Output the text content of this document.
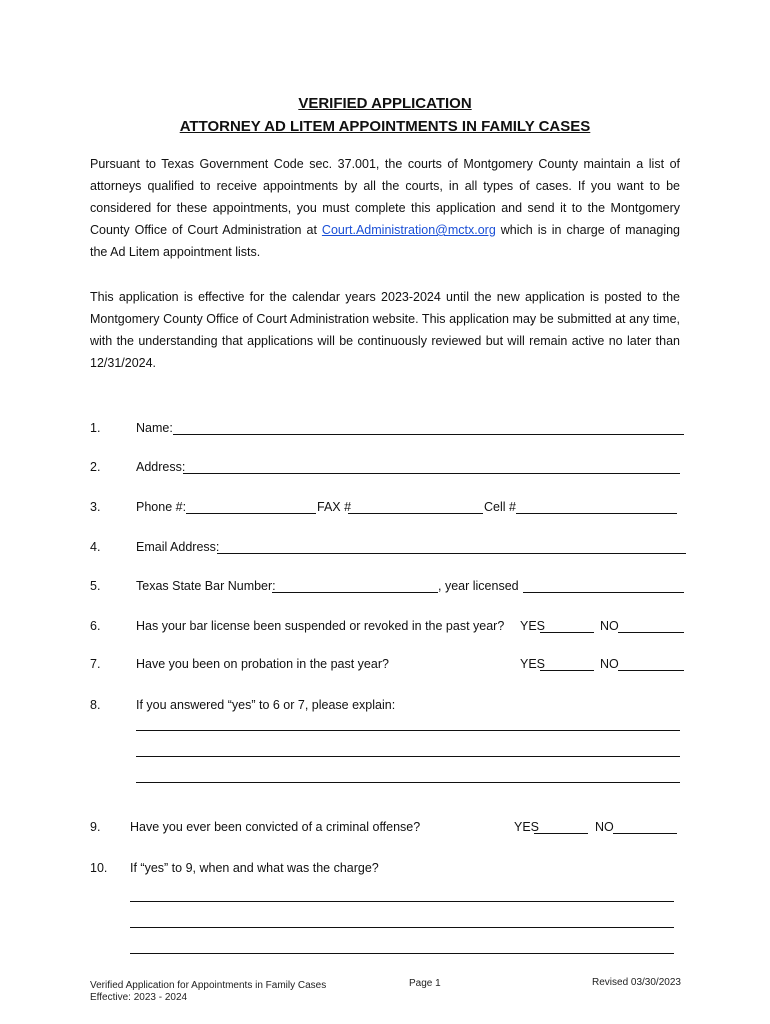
VERIFIED APPLICATION
ATTORNEY AD LITEM APPOINTMENTS IN FAMILY CASES
Pursuant to Texas Government Code sec. 37.001, the courts of Montgomery County maintain a list of attorneys qualified to receive appointments by all the courts, in all types of cases. If you want to be considered for these appointments, you must complete this application and send it to the Montgomery County Office of Court Administration at Court.Administration@mctx.org which is in charge of managing the Ad Litem appointment lists.
This application is effective for the calendar years 2023-2024 until the new application is posted to the Montgomery County Office of Court Administration website. This application may be submitted at any time, with the understanding that applications will be continuously reviewed but will remain active no later than 12/31/2024.
1.	Name:
2.	Address:
3.	Phone #:	FAX #	Cell #
4.	Email Address:
5.	Texas State Bar Number:	, year licensed
6.	Has your bar license been suspended or revoked in the past year? YES	NO
7.	Have you been on probation in the past year?	YES	NO
8.	If you answered “yes” to 6 or 7, please explain:
9. Have you ever been convicted of a criminal offense?	YES	NO
10. If “yes” to 9, when and what was the charge?
Verified Application for Appointments in Family Cases
Effective: 2023 - 2024
Page 1	Revised 03/30/2023
